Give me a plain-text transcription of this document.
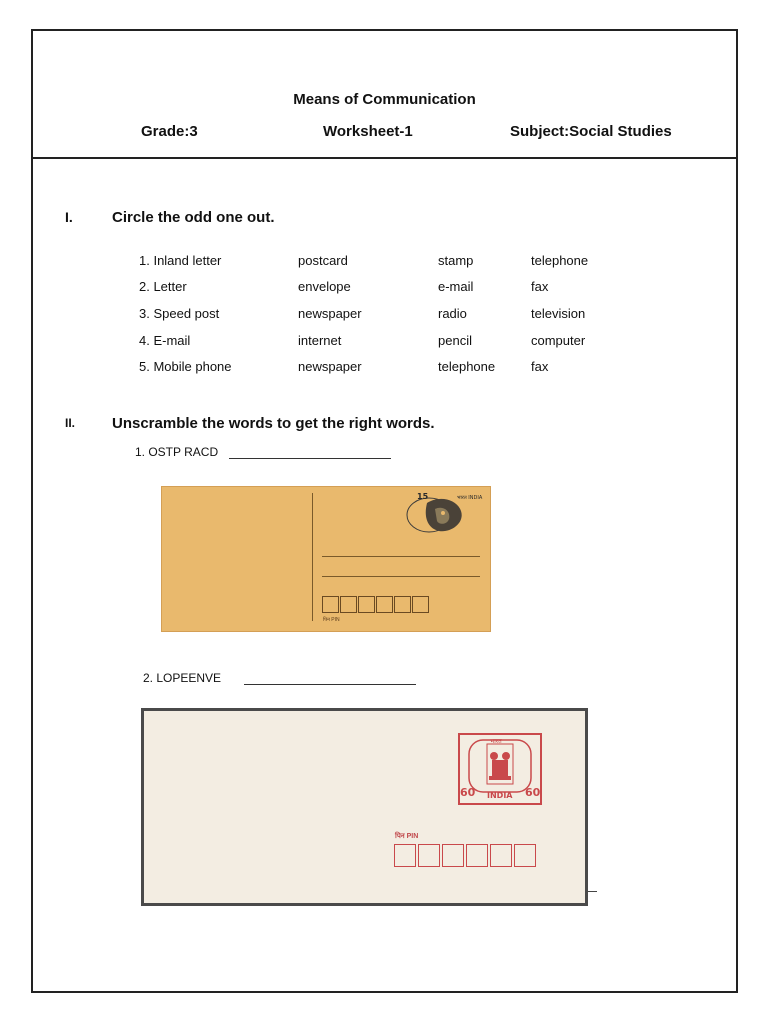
Means of Communication
Grade:3	Worksheet-1	Subject:Social Studies
I.	Circle the odd one out.
1. Inland letter	postcard	stamp	telephone
2. Letter	envelope	e-mail	fax
3. Speed post	newspaper	radio	television
4. E-mail	internet	pencil	computer
5. Mobile phone	newspaper	telephone	fax
II. Unscramble the words to get the right words.
1. OSTP RACD
पिन PIN
15	भारत INDIA
2. LOPEENVE
भारत
60	60
INDIA
पिन PIN
